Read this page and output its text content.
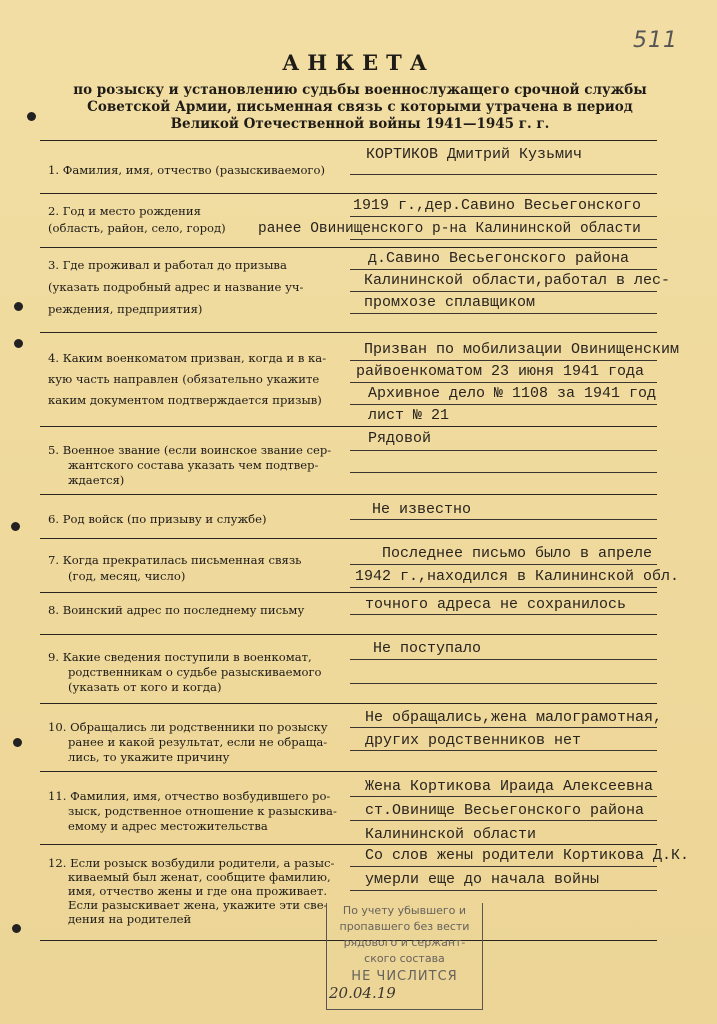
511
АНКЕТА
по розыску и установлению судьбы военнослужащего срочной службы
Советской Армии, письменная связь с которыми утрачена в период
Великой Отечественной войны 1941—1945 г. г.
1. Фамилия, имя, отчество (разыскиваемого)
КОРТИКОВ Дмитрий Кузьмич
2. Год и место рождения
(область, район, село, город)
1919 г.,дер.Савино Весьегонского
ранее Овинищенского р-на Калининской области
3. Где проживал и работал до призыва
(указать подробный адрес и название уч-
реждения, предприятия)
д.Савино Весьегонского района
Калининской области,работал в лес-
промхозе сплавщиком
4. Каким военкоматом призван, когда и в ка-
кую часть направлен (обязательно укажите
каким документом подтверждается призыв)
Призван по мобилизации Овинищенским
райвоенкоматом 23 июня 1941 года
Архивное дело № 1108 за 1941 год
лист № 21
5. Военное звание (если воинское звание сер-
жантского состава указать чем подтвер-
ждается)
Рядовой
6. Род войск (по призыву и службе)
Не известно
7. Когда прекратилась письменная связь
(год, месяц, число)
Последнее письмо было в апреле
1942 г.,находился в Калининской обл.
8. Воинский адрес по последнему письму	точного адреса не сохранилось
9. Какие сведения поступили в военкомат,
родственникам о судьбе разыскиваемого
(указать от кого и когда)
Не поступало
10. Обращались ли родственники по розыску
ранее и какой результат, если не обраща-
лись, то укажите причину
Не обращались,жена малограмотная,
других родственников нет
11. Фамилия, имя, отчество возбудившего ро-
зыск, родственное отношение к разыскива-
емому и адрес местожительства
Жена Кортикова Ираида Алексеевна
ст.Овинище Весьегонского района
Калининской области
12. Если розыск возбудили родители, а разыс-
киваемый был женат, сообщите фамилию,
имя, отчество жены и где она проживает.
Если разыскивает жена, укажите эти све-
дения на родителей
Со слов жены родители Кортикова Д.К.
умерли еще до начала войны
По учету убывшего и
пропавшего без вести
рядового и сержант-
ского состава
НЕ ЧИСЛИТСЯ
20.04.19
